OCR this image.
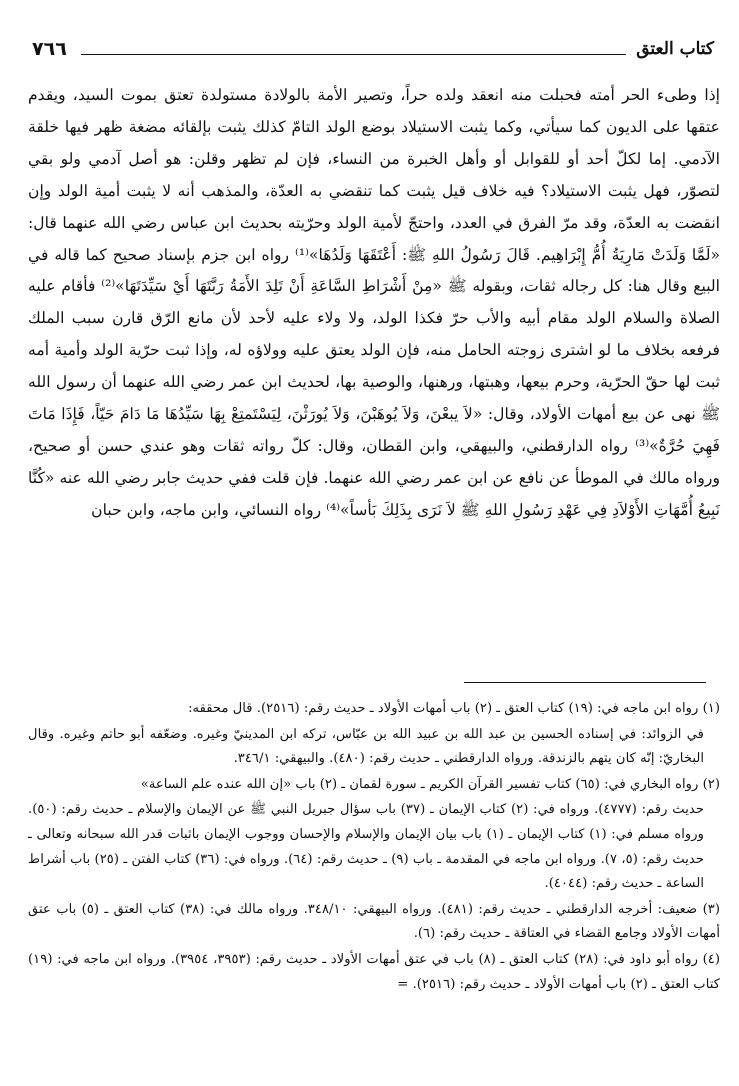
٧٦٦	كتاب العتق

إذا وطىء الحر أمته فحبلت منه انعقد ولده حراً، وتصير الأمة بالولادة مستولدة تعتق بموت السيد، ويقدم عتقها على الديون كما سيأتي، وكما يثبت الاستيلاد بوضع الولد التامّ كذلك يثبت بإلقائه مضغة ظهر فيها خلقة الآدمي. إما لكلّ أحد أو للقوابل أو وأهل الخبرة من النساء، فإن لم تظهر وقلن: هو أصل آدمي ولو بقي لتصوّر، فهل يثبت الاستيلاد؟ فيه خلاف قيل يثبت كما تنقضي به العدّة، والمذهب أنه لا يثبت أمية الولد وإن انقضت به العدّة، وقد مرّ الفرق في العدد، واحتجّ لأمية الولد وحرّيته بحديث ابن عباس رضي الله عنهما قال: «لَمَّا وَلَدَتْ مَارِيَةُ أُمُّ إِبْرَاهِيم. قَالَ رَسُولُ اللهِ ﷺ: أَعْتَقَهَا وَلَدُهَا»⁽¹⁾ رواه ابن جزم بإسناد صحيح كما قاله في البيع وقال هنا: كل رجاله ثقات، وبقوله ﷺ «مِنْ أَشْرَاطِ السَّاعَةِ أَنْ تَلِدَ الأَمَةُ رَبَّتَهَا أَيْ سَيِّدَتَهَا»⁽²⁾ فأقام عليه الصلاة والسلام الولد مقام أبيه والأب حرّ فكذا الولد، ولا ولاء عليه لأحد لأن مانع الرّق قارن سبب الملك فرفعه بخلاف ما لو اشترى زوجته الحامل منه، فإن الولد يعتق عليه وولاؤه له، وإذا ثبت حرّية الولد وأمية أمه ثبت لها حقّ الحرّية، وحرم بيعها، وهبتها، ورهنها، والوصية بها، لحديث ابن عمر رضي الله عنهما أن رسول الله ﷺ نهى عن بيع أمهات الأولاد، وقال: «لاَ يبعْنَ، وَلاَ يُوهَبْنَ، وَلاَ يُورَثْنَ، لِيَسْتَمتِعْ بِهَا سَيِّدُهَا مَا دَامَ حَيّاً، فَإِذَا مَاتَ فَهِيَ حُرَّةٌ»⁽³⁾ رواه الدارقطني، والبيهقي، وابن القطان، وقال: كلّ رواته ثقات وهو عندي حسن أو صحيح، ورواه مالك في الموطأ عن نافع عن ابن عمر رضي الله عنهما. فإن قلت ففي حديث جابر رضي الله عنه «كُنَّا نَبِيعُ أُمَّهَاتِ الأَوْلاَدِ فِي عَهْدِ رَسُولِ اللهِ ﷺ لاَ نَرَى بِذَلِكَ بَأساً»⁽⁴⁾ رواه النسائي، وابن ماجه، وابن حبان

(١) رواه ابن ماجه في: (١٩) كتاب العتق ـ (٢) باب أمهات الأولاد ـ حديث رقم: (٢٥١٦). قال محققه:

في الزوائد: في إسناده الحسين بن عبد الله بن عبيد الله بن عبّاس، تركه ابن المدينيّ وغيره. وضعّفه أبو حاتم وغيره. وقال البخاريّ: إنّه كان يتهم بالزندقة. ورواه الدارقطني ـ حديث رقم: (٤٨٠). والبيهقي: ٣٤٦/١.

(٢) رواه البخاري في: (٦٥) كتاب تفسير القرآن الكريم ـ سورة لقمان ـ (٢) باب «إن الله عنده علم الساعة»

حديث رقم: (٤٧٧٧). ورواه في: (٢) كتاب الإيمان ـ (٣٧) باب سؤال جبريل النبي ﷺ عن الإيمان والإسلام ـ حديث رقم: (٥٠). ورواه مسلم في: (١) كتاب الإيمان ـ (١) باب بيان الإيمان والإسلام والإحسان ووجوب الإيمان باثبات قدر الله سبحانه وتعالى ـ حديث رقم: (٥، ٧). ورواه ابن ماجه في المقدمة ـ باب (٩) ـ حديث رقم: (٦٤). ورواه في: (٣٦) كتاب الفتن ـ (٢٥) باب أشراط الساعة ـ حديث رقم: (٤٠٤٤).

(٣) ضعيف: أخرجه الدارقطني ـ حديث رقم: (٤٨١). ورواه البيهقي: ٣٤٨/١٠. ورواه مالك في: (٣٨) كتاب العتق ـ (٥) باب عتق أمهات الأولاد وجامع القضاء في العتاقة ـ حديث رقم: (٦).

(٤) رواه أبو داود في: (٢٨) كتاب العتق ـ (٨) باب في عتق أمهات الأولاد ـ حديث رقم: (٣٩٥٣، ٣٩٥٤). ورواه ابن ماجه في: (١٩) كتاب العتق ـ (٢) باب أمهات الأولاد ـ حديث رقم: (٢٥١٦). =
